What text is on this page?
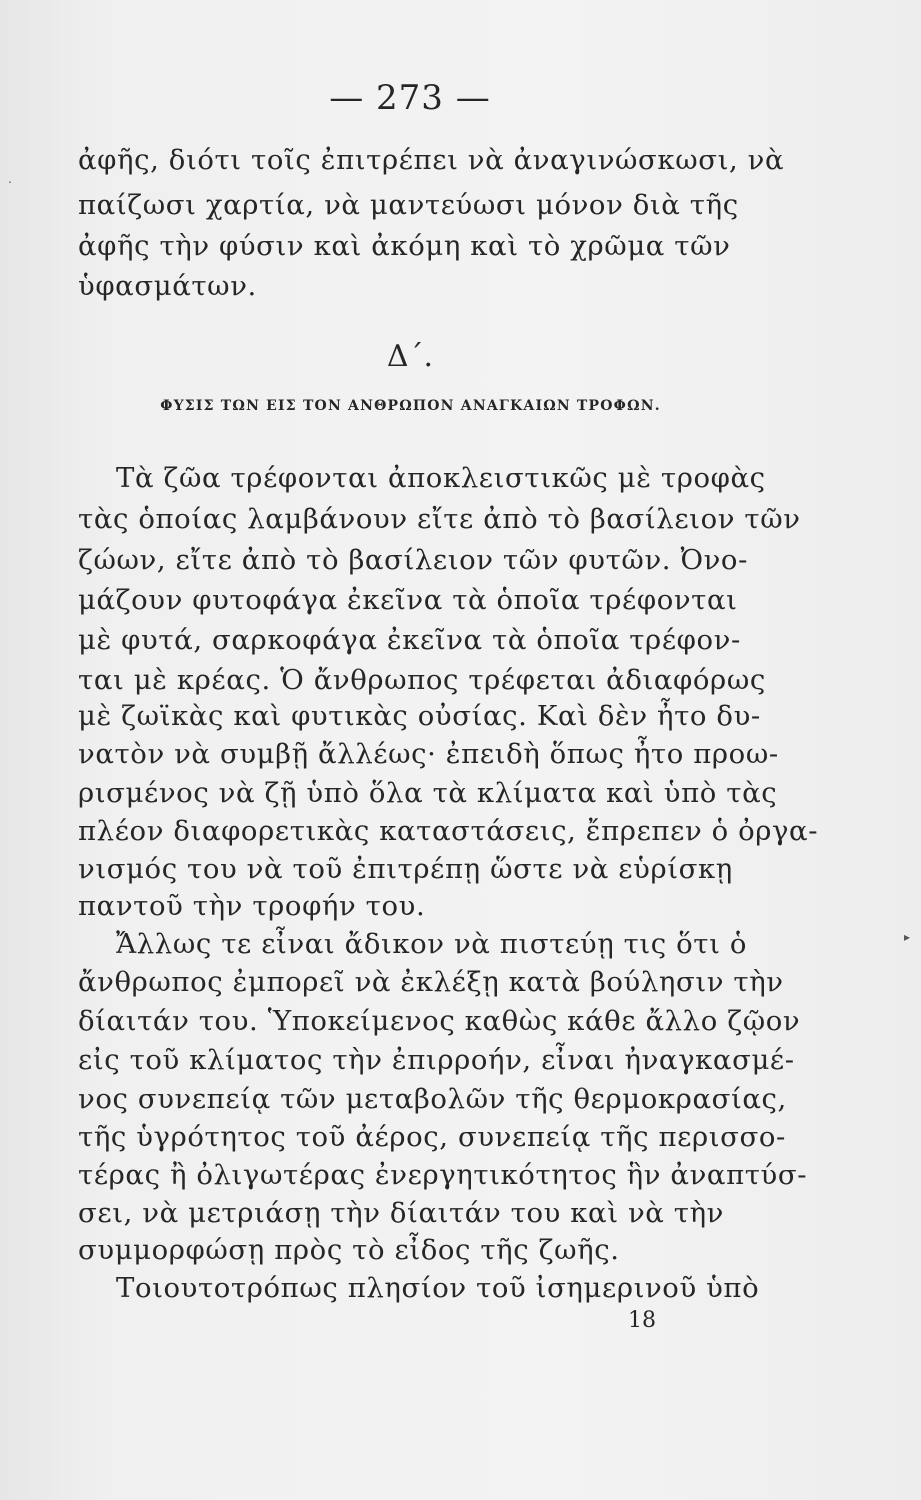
.
— 273 —
ἀφῆς, διότι τοῖς ἐπιτρέπει νὰ ἀναγινώσκωσι, νὰ
παίζωσι χαρτία, νὰ μαντεύωσι μόνον διὰ τῆς
ἀφῆς τὴν φύσιν καὶ ἀκόμη καὶ τὸ χρῶμα τῶν
ὑφασμάτων.
Δ΄.
ΦΥΣΙΣ ΤΩΝ ΕΙΣ ΤΟΝ ΑΝΘΡΩΠΟΝ ΑΝΑΓΚΑΙΩΝ ΤΡΟΦΩΝ.
Τὰ ζῶα τρέφονται ἀποκλειστικῶς μὲ τροφὰς
τὰς ὁποίας λαμβάνουν εἴτε ἀπὸ τὸ βασίλειον τῶν
ζώων, εἴτε ἀπὸ τὸ βασίλειον τῶν φυτῶν. Ὀνο-
μάζουν φυτοφάγα ἐκεῖνα τὰ ὁποῖα τρέφονται
μὲ φυτά, σαρκοφάγα ἐκεῖνα τὰ ὁποῖα τρέφον-
ται μὲ κρέας. Ὁ ἄνθρωπος τρέφεται ἀδιαφόρως
μὲ ζωϊκὰς καὶ φυτικὰς οὐσίας. Καὶ δὲν ἦτο δυ-
νατὸν νὰ συμβῇ ἄλλέως· ἐπειδὴ ὅπως ἦτο προω-
ρισμένος νὰ ζῇ ὑπὸ ὅλα τὰ κλίματα καὶ ὑπὸ τὰς
πλέον διαφορετικὰς καταστάσεις, ἔπρεπεν ὁ ὀργα-
νισμός του νὰ τοῦ ἐπιτρέπῃ ὥστε νὰ εὑρίσκῃ
παντοῦ τὴν τροφήν του.
Ἄλλως τε εἶναι ἄδικον νὰ πιστεύῃ τις ὅτι ὁ
ἄνθρωπος ἐμπορεῖ νὰ ἐκλέξῃ κατὰ βούλησιν τὴν
δίαιτάν του. Ὑποκείμενος καθὼς κάθε ἄλλο ζῷον
εἰς τοῦ κλίματος τὴν ἐπιρροήν, εἶναι ἠναγκασμέ-
νος συνεπείᾳ τῶν μεταβολῶν τῆς θερμοκρασίας,
τῆς ὑγρότητος τοῦ ἀέρος, συνεπείᾳ τῆς περισσο-
τέρας ἢ ὀλιγωτέρας ἐνεργητικότητος ἣν ἀναπτύσ-
σει, νὰ μετριάσῃ τὴν δίαιτάν του καὶ νὰ τὴν
συμμορφώσῃ πρὸς τὸ εἶδος τῆς ζωῆς.
Τοιουτοτρόπως πλησίον τοῦ ἰσημερινοῦ ὑπὸ
18
▸
